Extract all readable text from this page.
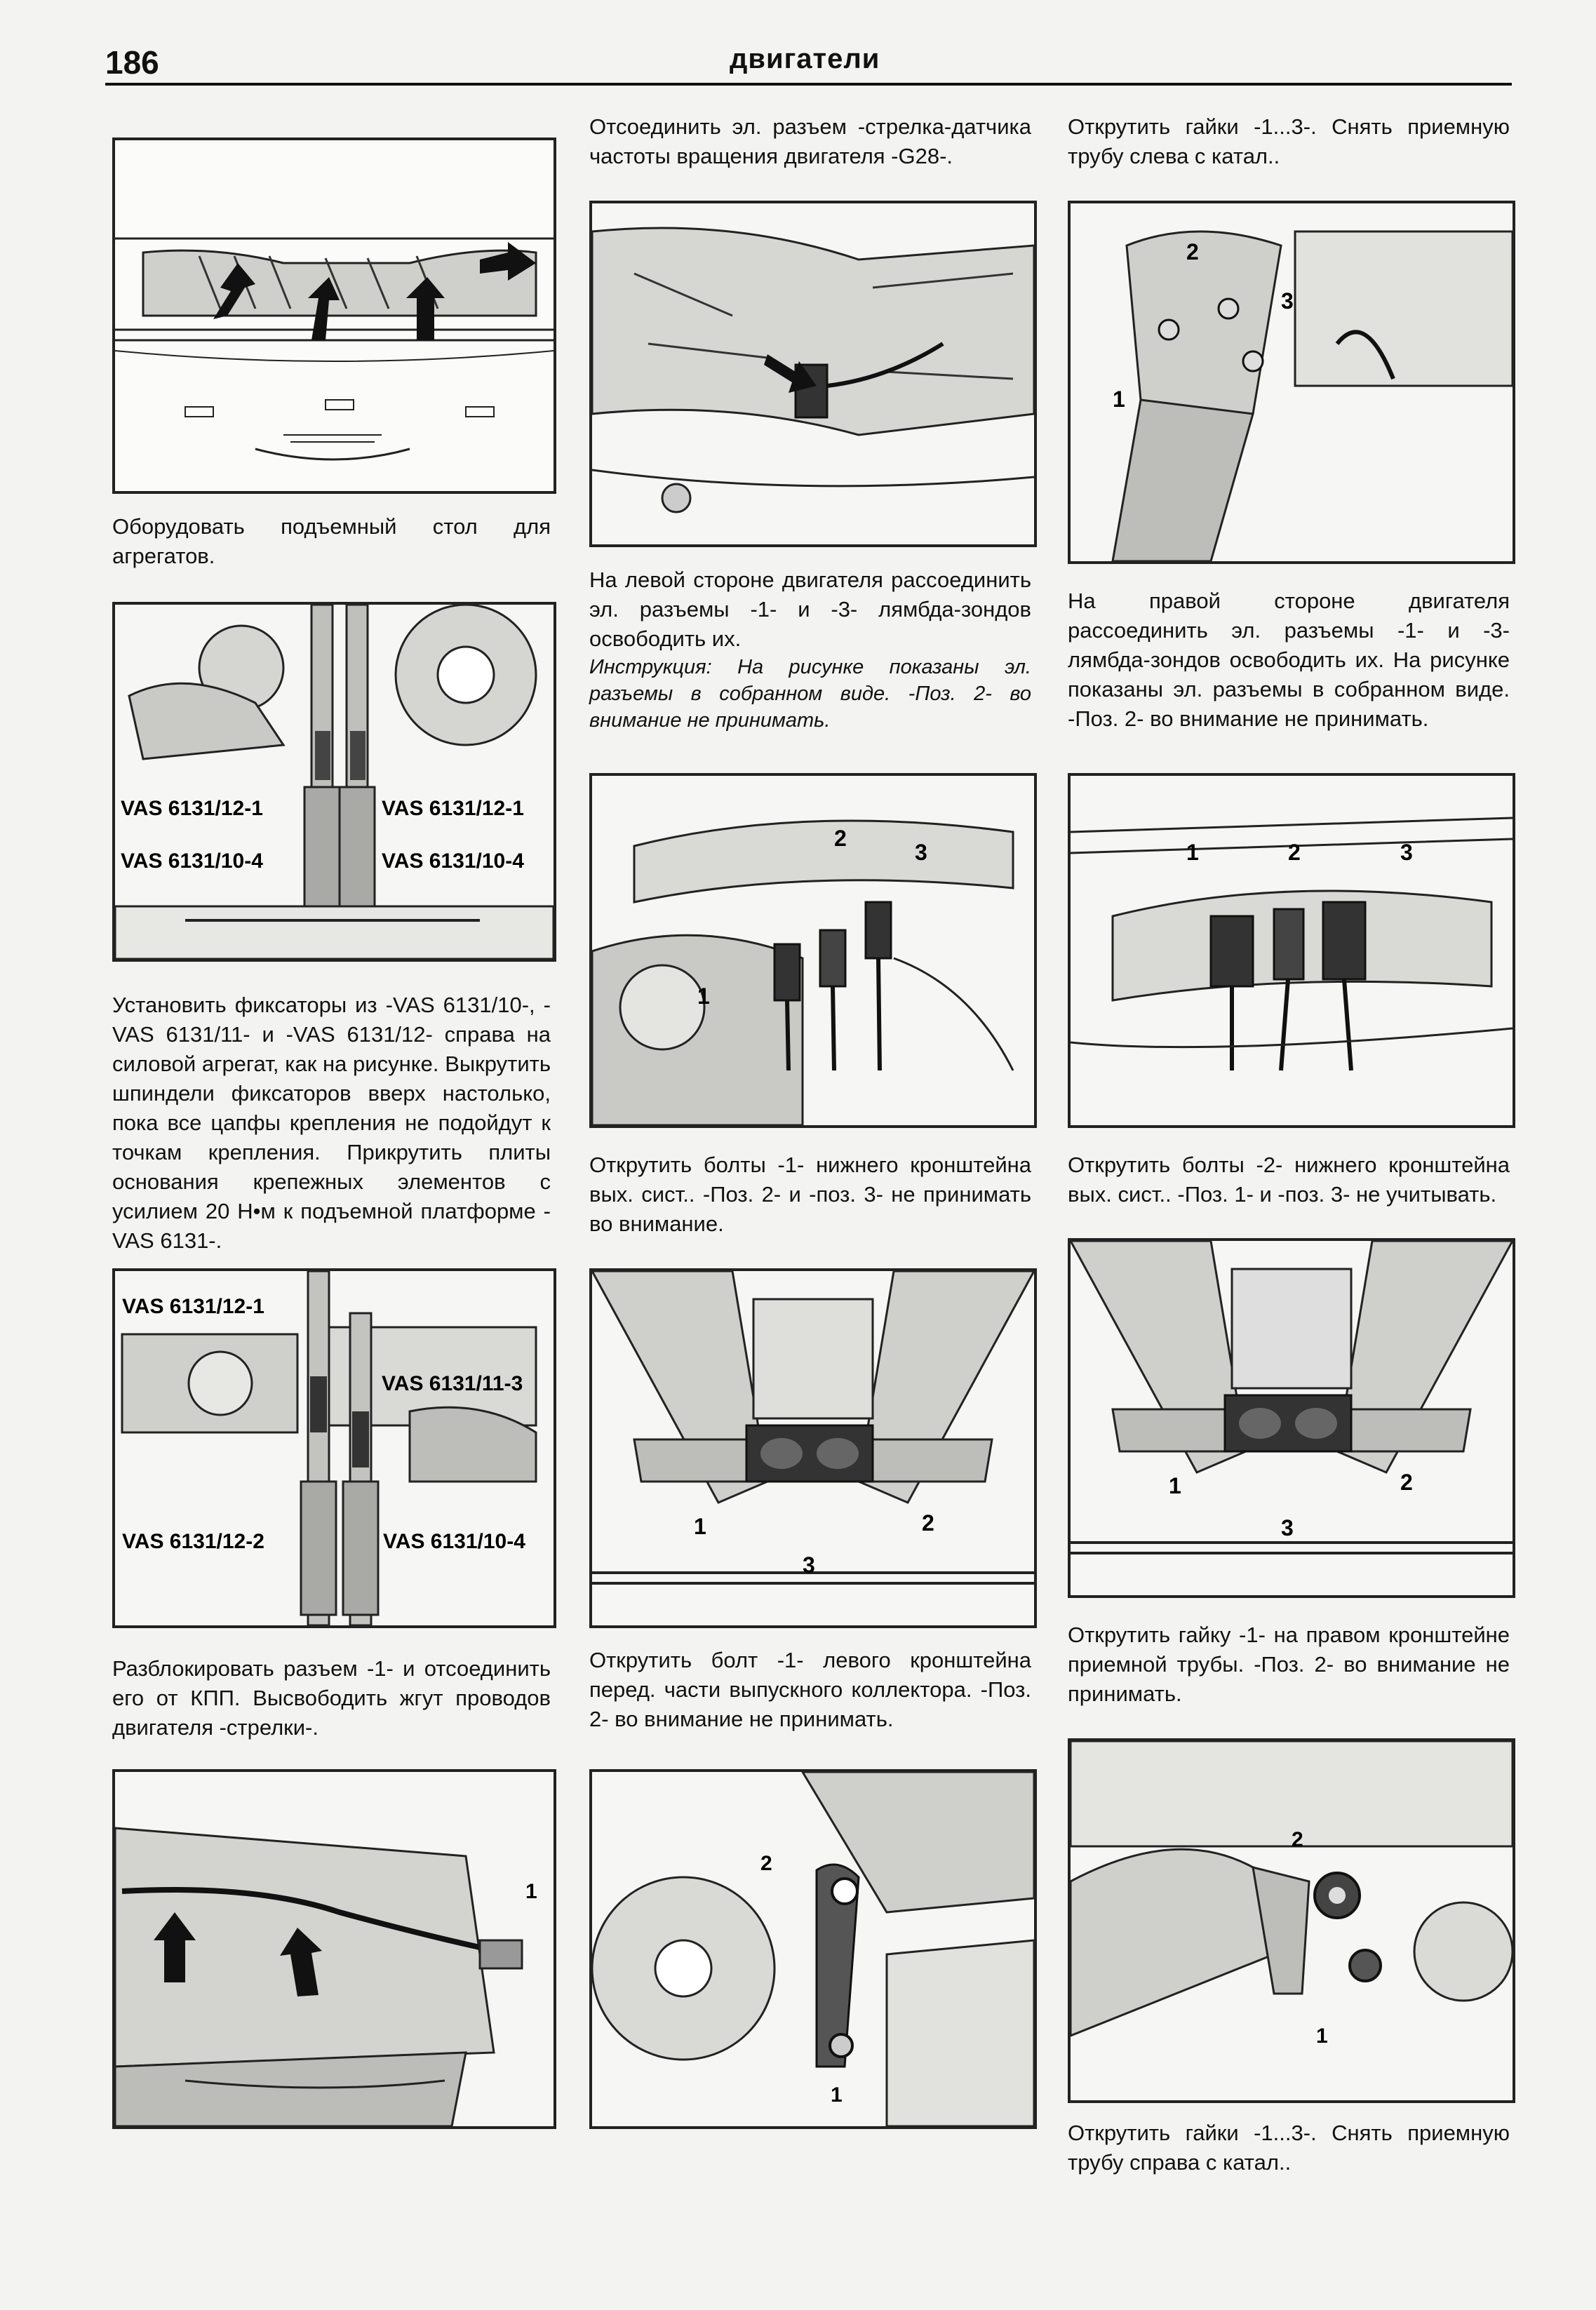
186	двигатели
Оборудовать подъемный стол для агрегатов.
VAS 6131/12-1	VAS 6131/12-1
VAS 6131/10-4	VAS 6131/10-4
Установить фиксаторы из -VAS 6131/10-, -VAS 6131/11- и -VAS 6131/12- справа на силовой агрегат, как на рисунке. Выкрутить шпиндели фиксаторов вверх настолько, пока все цапфы крепления не подойдут к точкам крепления. Прикрутить плиты основания крепежных элементов с усилием 20 Н•м к подъемной платформе -VAS 6131-.
VAS 6131/12-1
VAS 6131/11-3
VAS 6131/12-2	VAS 6131/10-4
Разблокировать разъем -1- и отсоединить его от КПП. Высвободить жгут проводов двигателя -стрелки-.
1
Отсоединить эл. разъем -стрелка-датчика частоты вращения двигателя -G28-.

На левой стороне двигателя рассоединить эл. разъемы -1- и -3- лямбда-зондов освободить их.

Инструкция: На рисунке показаны эл. разъемы в собранном виде. -Поз. 2- во внимание не принимать.

1
2
3
Открутить болты -1- нижнего кронштейна вых. сист.. -Поз. 2- и -поз. 3- не принимать во внимание.
1	2
3
Открутить болт -1- левого кронштейна перед. части выпускного коллектора. -Поз. 2- во внимание не принимать.
2
1
Открутить гайки -1...3-. Снять приемную трубу слева с катал..
1
2
3
На правой стороне двигателя рассоединить эл. разъемы -1- и -3- лямбда-зондов освободить их. На рисунке показаны эл. разъемы в собранном виде. -Поз. 2- во внимание не принимать.
1	2	3
Открутить болты -2- нижнего кронштейна вых. сист.. -Поз. 1- и -поз. 3- не учитывать.
1	2
3
Открутить гайку -1- на правом кронштейне приемной трубы. -Поз. 2- во внимание не принимать.
2
1
Открутить гайки -1...3-. Снять приемную трубу справа с катал..
